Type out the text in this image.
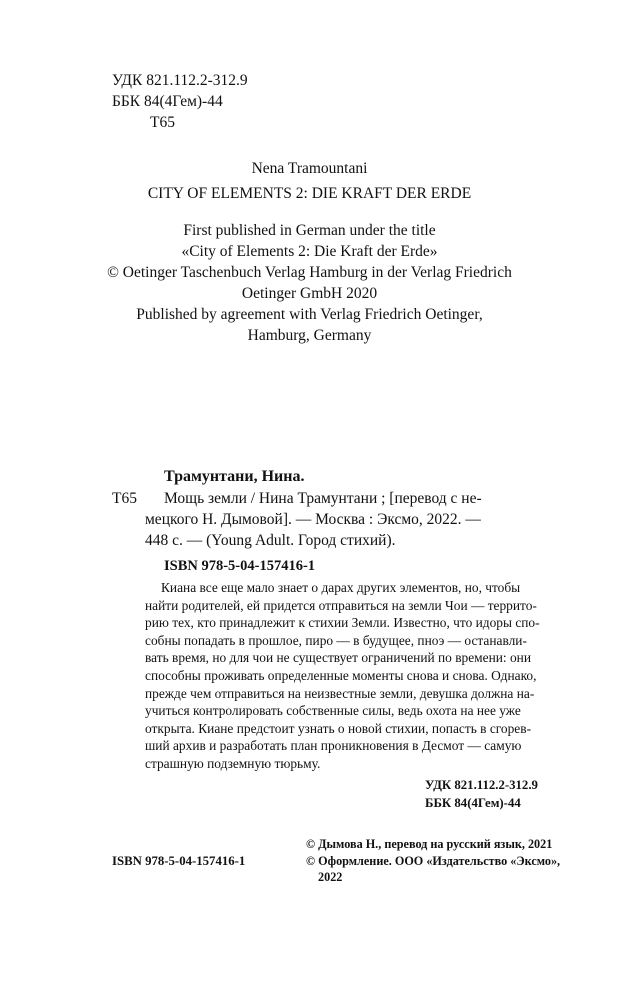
УДК 821.112.2-312.9
ББК 84(4Гем)-44
Т65
Nena Tramountani
CITY OF ELEMENTS 2: DIE KRAFT DER ERDE
First published in German under the title
«City of Elements 2: Die Kraft der Erde»
© Oetinger Taschenbuch Verlag Hamburg in der Verlag Friedrich
Oetinger GmbH 2020
Published by agreement with Verlag Friedrich Oetinger,
Hamburg, Germany
Трамунтани, Нина.
Т65 Мощь земли / Нина Трамунтани ; [перевод с не-
мецкого Н. Дымовой]. — Москва : Эксмо, 2022. —
448 с. — (Young Adult. Город стихий).
ISBN 978-5-04-157416-1
Киана все еще мало знает о дарах других элементов, но, чтобы
найти родителей, ей придется отправиться на земли Чои — террито-
рию тех, кто принадлежит к стихии Земли. Известно, что идоры спо-
собны попадать в прошлое, пиро — в будущее, пноэ — останавли-
вать время, но для чои не существует ограничений по времени: они
способны проживать определенные моменты снова и снова. Однако,
прежде чем отправиться на неизвестные земли, девушка должна на-
учиться контролировать собственные силы, ведь охота на нее уже
открыта. Киане предстоит узнать о новой стихии, попасть в сгорев-
ший архив и разработать план проникновения в Десмот — самую
страшную подземную тюрьму.
УДК 821.112.2-312.9
ББК 84(4Гем)-44
© Дымова Н., перевод на русский язык, 2021
© Оформление. ООО «Издательство «Эксмо»,
2022
ISBN 978-5-04-157416-1
